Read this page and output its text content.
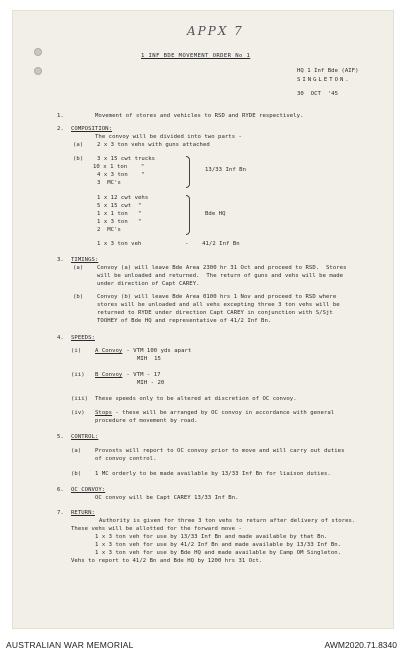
APPX 7
1 INF BDE MOVEMENT ORDER No 1
HQ 1 Inf Bde (AIF)
SINGLETON.
30  OCT  '45
1.	Movement of stores and vehicles to RSD and RYDE respectively.
2. COMPOSITION:
The convoy will be divided into two parts -
(a) 2 x 3 ton vehs with guns attached
(b) 3 x 15 cwt trucks
10 x 1 ton    "
4 x 3 ton    "
3  MC's
13/33 Inf Bn
1 x 12 cwt vehs
5 x 15 cwt  "
1 x 1 ton   "
1 x 3 ton   "
2  MC's
Bde HQ
1 x 3 ton veh	-    41/2 Inf Bn
3. TIMINGS:
(a) Convoy (a) will leave Bde Area 2300 hr 31 Oct and proceed to RSD.  Stores
will be unloaded and returned.  The return of guns and vehs will be made
under direction of Capt CAREY.
(b) Convoy (b) will leave Bde Area 0100 hrs 1 Nov and proceed to RSD where
stores will be unloaded and all vehs excepting three 3 ton vehs will be
returned to RYDE under direction Capt CAREY in conjunction with S/Sjt
TOOHEY of Bde HQ and representative of 41/2 Inf Bn.
4. SPEEDS:
(i) A Convoy - VTM 100 yds apart
MIH  15
(ii) B Convoy - VTM - 17
MIH - 20
(iii) These speeds only to be altered at discretion of OC convoy.
(iv) Stops - these will be arranged by OC convoy in accordance with general
procedure of movement by road.
5. CONTROL:
(a) Provosts will report to OC convoy prior to move and will carry out duties
of convoy control.
(b) 1 MC orderly to be made available by 13/33 Inf Bn for liaison duties.
6. OC CONVOY:
OC convoy will be Capt CAREY 13/33 Inf Bn.
7. RETURN:
Authority is given for three 3 ton vehs to return after delivery of stores.
These vehs will be allotted for the forward move -
1 x 3 ton veh for use by 13/33 Inf Bn and made available by that Bn.
1 x 3 ton veh for use by 41/2 Inf Bn and made available by 13/33 Inf Bn.
1 x 3 ton veh for use by Bde HQ and made available by Camp OM Singleton.
Vehs to report to 41/2 Bn and Bde HQ by 1200 hrs 31 Oct.
AUSTRALIAN WAR MEMORIAL	AWM2020.71.8340
